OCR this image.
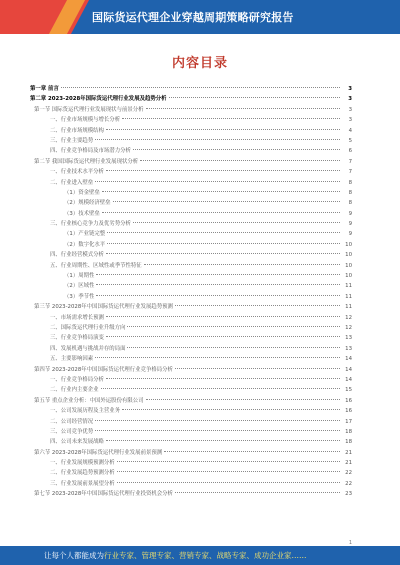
国际货运代理企业穿越周期策略研究报告
内容目录
第一章 前言	3
第二章 2023-2028年国际货运代理行业发展及趋势分析	3
第一节 国际货运代理行业发展现状与前景分析	3
一、行业市场规模与增长分析	3
二、行业市场规模结构	4
三、行业主要趋势	5
四、行业竞争格局及市场潜力分析	6
第二节 我国国际货运代理行业发展现状分析	7
一、行业技术水平分析	7
二、行业进入壁垒	8
（1）资金壁垒	8
（2）规模经济壁垒	8
（3）技术壁垒	9
三、行业核心竞争力及优劣势分析	9
（1）产业链完整	9
（2）数字化水平	10
四、行业经营模式分析	10
五、行业周期性、区域性或季节性特征	10
（1）周期性	10
（2）区域性	11
（3）季节性	11
第三节 2023-2028年中国国际货运代理行业发展趋势预测	11
一、市场需求增长预测	12
二、国际货运代理行业升级方向	12
三、行业竞争格局演变	13
四、发展机遇与挑战并存的局面	13
五、主要影响因素	14
第四节 2023-2028年中国国际货运代理行业竞争格局分析	14
一、行业竞争格局分析	14
二、行业内主要企业	15
第五节 重点企业分析：中国外运股份有限公司	16
一、公司发展历程及主营业务	16
二、公司经营情况	17
三、公司竞争优势	18
四、公司未来发展战略	18
第六节 2023-2028年国际货运代理行业发展前景预测	21
一、行业发展规模预测分析	21
二、行业发展趋势预测分析	22
三、行业发展前景展望分析	22
第七节 2023-2028年中国国际货运代理行业投资机会分析	23
1
让每个人都能成为行业专家、管理专家、营销专家、战略专家、成功企业家……
